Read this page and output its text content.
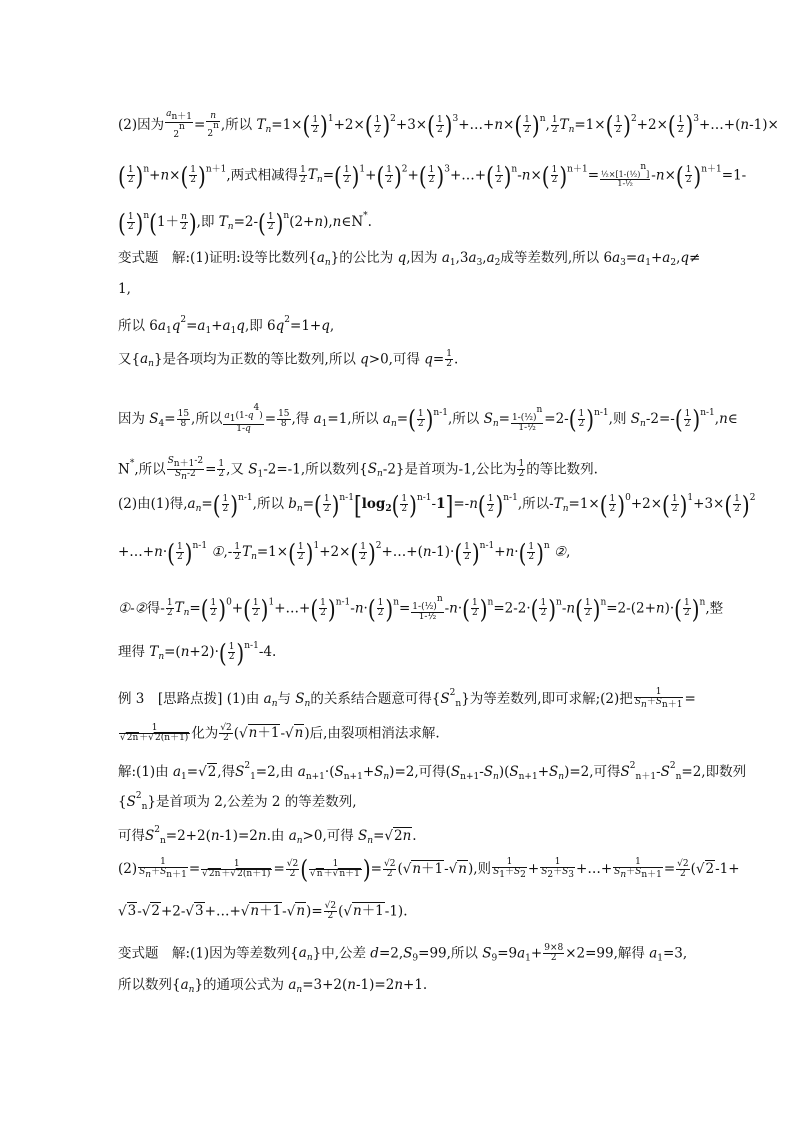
(2)因为 $\frac{an+1}{2n} = \frac{n}{2n}$ ,所以 $T_n=1\times( \frac{1}{2} )^1+2\times( \frac{1}{2} )^2+3\times( \frac{1}{2}$ )$^3+\dots+n\times( \frac{1}{2} )^n$, $\frac{1}{2} T_n=1\times( \frac{1}{2} )^2+2\times( \frac{1}{2}$ )$^3+\dots+(n-1)\times$
( $\frac{1}{2} )^n+n\times( \frac{1}{2} )^{n+1}$,两式相减得 $\frac{1}{2} T_n=( \frac{1}{2} )^1+( \frac{1}{2} )^2+( \frac{1}{2}$ )$^3+\dots+( \frac{1}{2} )^n-n\times( \frac{1}{2} )^{n+1}= \frac{\text{½×[1-(½)n]}}{\text{1-½}} -n\times( \frac{1}{2} )^{n+1}=1-$
( $\frac{1}{2} )^n(1+ \frac{n}{2}$ ),即 $T_n=2-( \frac{1}{2}$ )$^n(2+n),n\in N^*$.
变式题　解:(1)证明:设等比数列$\{a_n\}$的公比为 q,因为 $a_1,3a_3,a_2$成等差数列,所以 $6a_3=a_1+a_2,q\ne$
1,
所以 $6a_1q^2=a_1+a_1q$,即 $6q^2=1+q$,
又$\{a_n\}$是各项均为正数的等比数列,所以 q>0,可得 $q= \frac{1}{2}$ .
因为 $S_4= \frac{15}{8}$ ,所以 $\frac{a1(1-q4)}{1-q} = \frac{15}{8}$ ,得 $a_1=1$,所以 $a_n=( \frac{1}{2} )^{n-1}$,所以 $S_n= \frac{\text{1-(½)n}}{\text{1-½}} =2-( \frac{1}{2} )^{n-1}$,则 $S_n-2=-( \frac{1}{2}$ )$^{n-1},n\in$
N*,所以 $\frac{Sn+1-2}{Sn-2} = \frac{1}{2}$ ,又 $S_1-2=-1$,所以数列$\{S_n-2\}$是首项为-1,公比为 $\frac{1}{2}$ 的等比数列.
(2)由(1)得$,a_n=( \frac{1}{2} )^{n-1}$,所以 $b_n=( \frac{1}{2} )^{n-1}[\log_2( \frac{1}{2} )^{n-1}-1]=-n( \frac{1}{2} )^{n-1}$,所以$-T_n=1\times( \frac{1}{2} )^0+2\times( \frac{1}{2} )^1+3\times( \frac{1}{2} )^2$
+…+n·( $\frac{1}{2} )^{n-1}$ ①,- $\frac{1}{2} T_n=1\times( \frac{1}{2} )^1+2\times( \frac{1}{2}$ )$^2+\dots+(n-1)\cdot( \frac{1}{2} )^{n-1}+n\cdot( \frac{1}{2} )^n$ ②,
①-②得- $\frac{1}{2} T_n=( \frac{1}{2} )^0+( \frac{1}{2}$ )$^1+\dots+( \frac{1}{2} )^{n-1}-n\cdot( \frac{1}{2} )^n= \frac{\text{1-(½)n}}{\text{1-½}} -n\cdot( \frac{1}{2} )^n=2-2\cdot( \frac{1}{2} )^n-n( \frac{1}{2} )^n=2-(2+n)\cdot( \frac{1}{2} )^n$,整
理得 $T_n=(n+2)\cdot( \frac{1}{2} )^{n-1}-4$.
例 3　[思路点拨] (1)由 $a_n$与 $S_n$的关系结合题意可得$\{S^2_n\}$为等差数列,即可求解;(2)把 $\frac{1}{Sn+Sn+1}$ =
$\frac{1}{√2n+√2(n+1)}$ 化为 $\frac{√2}{2} (√n+1-√n)$后,由裂项相消法求解.
解:(1)由 $a_1=√2$,得$S^2_1=2$,由 $a_{n+1}\cdot(S_{n+1}+S_n)=2$,可得$(S_{n+1}-S_n)(S_{n+1}+S_n)=2$,可得$S^2_{n+1}-S^2_n=2$,即数列
$\{S^2_n\}$是首项为 2,公差为 2 的等差数列,
可得$S^2_n=2+2(n-1)=2n$.由 $a_n>0$,可得 $S_n=√2n$.
$(2) \frac{1}{Sn+Sn+1} = \frac{1}{√2n+√2(n+1)} = \frac{√2}{2}$ ( $\frac{1}{√n+√n+1}$ )= $\frac{√2}{2} (√n+1-√n)$,则 $\frac{1}{S1+S2} + \frac{1}{S2+S3}$ +…+ $\frac{1}{Sn+Sn+1} = \frac{√2}{2} (√2-1+$
√3-√2+2-√3+…+√n＋1-√n)= $\frac{√2}{2} (√n+1-1)$.
变式题　解:(1)因为等差数列$\{a_n\}$中,公差 $d=2,S_9=99$,所以 $S_9=9a_1+ \frac{9\times 8}{2} \times 2=99$,解得 $a_1=3$,
所以数列$\{a_n\}$的通项公式为 $a_n=3+2(n-1)=2n+1$.
